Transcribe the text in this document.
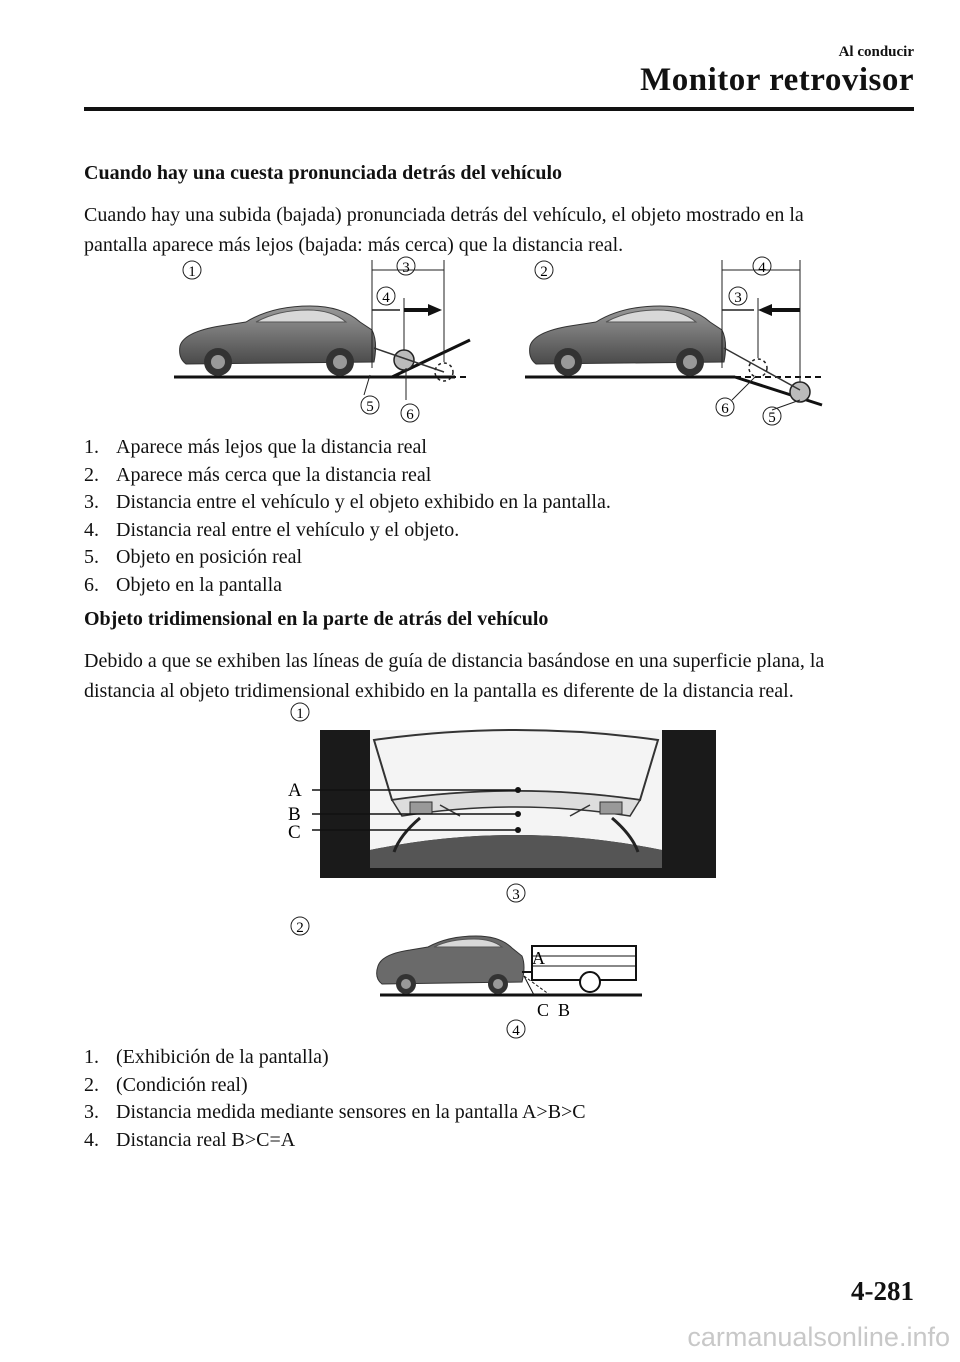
Al conducir
Monitor retrovisor
Cuando hay una cuesta pronunciada detrás del vehículo
Cuando hay una subida (bajada) pronunciada detrás del vehículo, el objeto mostrado en la
pantalla aparece más lejos (bajada: más cerca) que la distancia real.
1	3
4
5 6
2	4
3
6
5
1. Aparece más lejos que la distancia real
2. Aparece más cerca que la distancia real
3. Distancia entre el vehículo y el objeto exhibido en la pantalla.
4. Distancia real entre el vehículo y el objeto.
5. Objeto en posición real
6. Objeto en la pantalla
Objeto tridimensional en la parte de atrás del vehículo
Debido a que se exhiben las líneas de guía de distancia basándose en una superficie plana, la
distancia al objeto tridimensional exhibido en la pantalla es diferente de la distancia real.
A
B
C
1
3
2
A
C B
4
1. (Exhibición de la pantalla)
2. (Condición real)
3. Distancia medida mediante sensores en la pantalla A>B>C
4. Distancia real B>C=A
4-281
carmanualsonline.info
